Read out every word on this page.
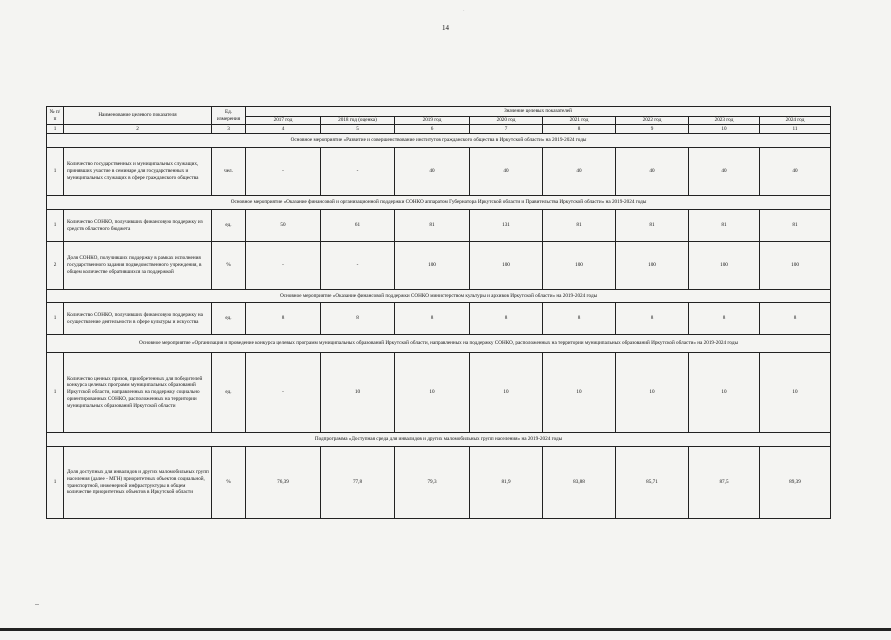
·
14
№ п/п	Наименование целевого показателя	Ед. измерения	Значение целевых показателей							
			2017 год	2018 год (оценка)	2019 год	2020 год	2021 год	2022 год	2023 год	2024 год
1	2	3	4	5	6	7	8	9	10	11
Основное мероприятие «Развитие и совершенствование институтов гражданского общества в Иркутской области» на 2019-2024 годы										
1	Количество государственных и муниципальных служащих, принявших участие в семинаре для государственных и муниципальных служащих в сфере гражданского общества	чел.	-	-	40	40	40	40	40	40
Основное мероприятие «Оказание финансовой и организационной поддержки СОНКО аппаратом Губернатора Иркутской области и Правительства Иркутской области» на 2019-2024 годы										
1	Количество СОНКО, получивших финансовую поддержку из средств областного бюджета	ед.	50	61	81	131	81	81	81	81
2	Доля СОНКО, получивших поддержку в рамках исполнения государственного задания подведомственного учреждения, в общем количестве обратившихся за поддержкой	%	-	-	100	100	100	100	100	100
Основное мероприятие «Оказание финансовой поддержки СОНКО министерством культуры и архивов Иркутской области» на 2019-2024 годы										
1	Количество СОНКО, получивших финансовую поддержку на осуществление деятельности в сфере культуры и искусства	ед.	8	8	8	8	8	8	8	8
Основное мероприятие «Организация и проведение конкурса целевых программ муниципальных образований Иркутской области, направленных на поддержку СОНКО, расположенных на территории муниципальных образований Иркутской области» на 2019-2024 годы										
1	Количество ценных призов, приобретенных для победителей конкурса целевых программ муниципальных образований Иркутской области, направленных на поддержку социально ориентированных СОНКО, расположенных на территории муниципальных образований Иркутской области	ед.	-	10	10	10	10	10	10	10
Подпрограмма «Доступная среда для инвалидов и других маломобильных групп населения» на 2019-2024 годы										
1	Доля доступных для инвалидов и других маломобильных групп населения (далее - МГН) приоритетных объектов социальной, транспортной, инженерной инфраструктуры в общем количестве приоритетных объектов в Иркутской области	%	76,39	77,8	79,3	81,9	83,88	85,71	87,5	89,39
